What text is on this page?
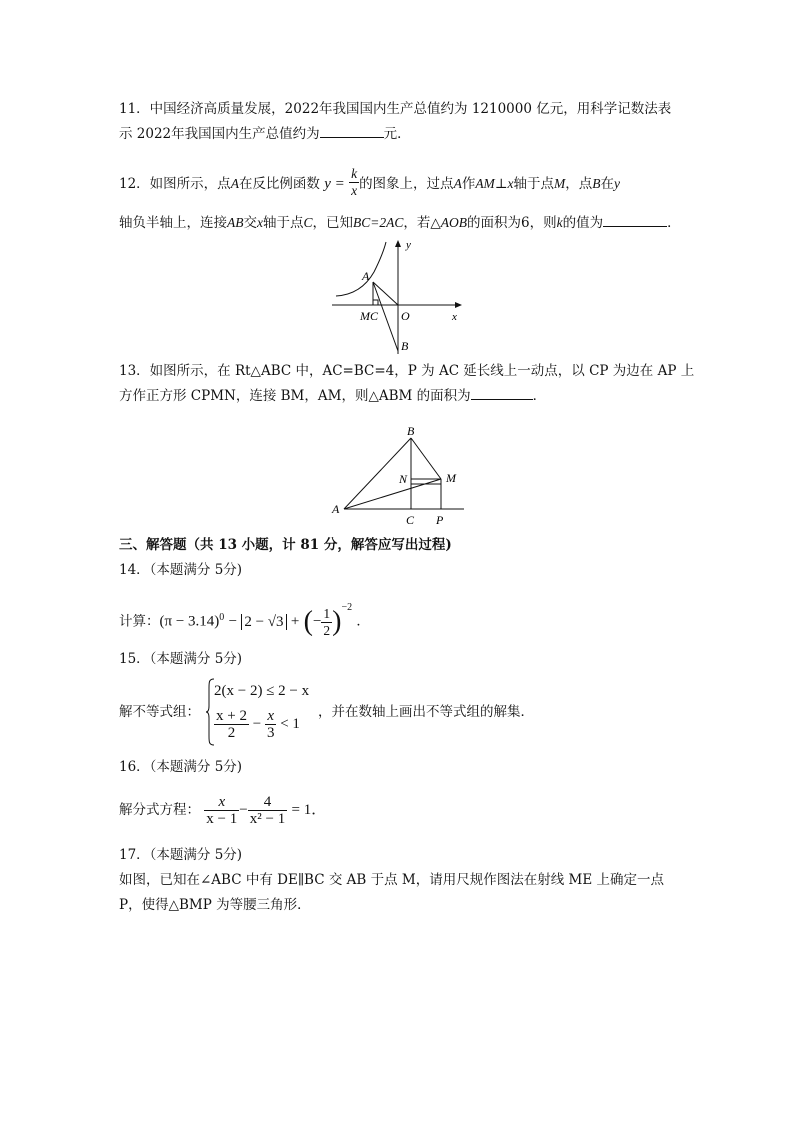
11．中国经济高质量发展，2022年我国国内生产总值约为 1210000 亿元，用科学记数法表
示 2022年我国国内生产总值约为	元．
12．如图所示，点A在反比例函数 $y = \frac{k}{x}$ 的图象上，过点A作AM⊥x轴于点M，点B在y
轴负半轴上，连接AB交x轴于点C，已知BC=2AC，若△AOB的面积为6，则k的值为	．
y
A
MC O	x
B
13．如图所示，在 Rt△ABC 中，AC=BC=4，P 为 AC 延长线上一动点，以 CP 为边在 AP 上
方作正方形 CPMN，连接 BM，AM，则△ABM 的面积为	．
B
N	M
A
C P
三、解答题（共 13 小题，计 81 分，解答应写出过程)
14．（本题满分 5分)
计算：$(\pi - 3.14)^0 - 2 - √3$ + (− $\frac{1}{2} )^{-2}$ ．
15．（本题满分 5分)
解不等式组：
2(x − 2) ≤ 2 − x
$\frac{x + 2}{2} - \frac{x}{3} < 1$
，并在数轴上画出不等式组的解集．
16．（本题满分 5分)
解分式方程： $\frac{x}{x - 1} - \frac{4}{\text{x² − 1}} = 1$．
17．（本题满分 5分)
如图，已知在∠ABC 中有 DE∥BC 交 AB 于点 M，请用尺规作图法在射线 ME 上确定一点
P，使得△BMP 为等腰三角形．
